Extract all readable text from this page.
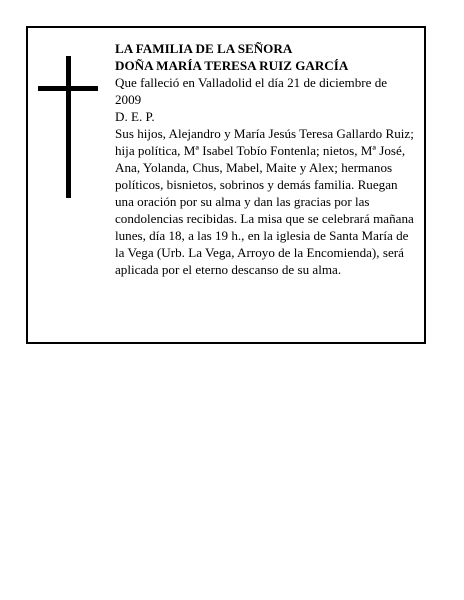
LA FAMILIA DE LA SEÑORA
DOÑA MARÍA TERESA RUIZ GARCÍA

Que falleció en Valladolid el día 21 de diciembre de 2009

D. E. P.

Sus hijos, Alejandro y María Jesús Teresa Gallardo Ruiz; hija política, Mª Isabel Tobío Fontenla; nietos, Mª José, Ana, Yolanda, Chus, Mabel, Maite y Alex; hermanos políticos, bisnietos, sobrinos y demás familia. Ruegan una oración por su alma y dan las gracias por las condolencias recibidas. La misa que se celebrará mañana lunes, día 18, a las 19 h., en la iglesia de Santa María de la Vega (Urb. La Vega, Arroyo de la Encomienda), será aplicada por el eterno descanso de su alma.
